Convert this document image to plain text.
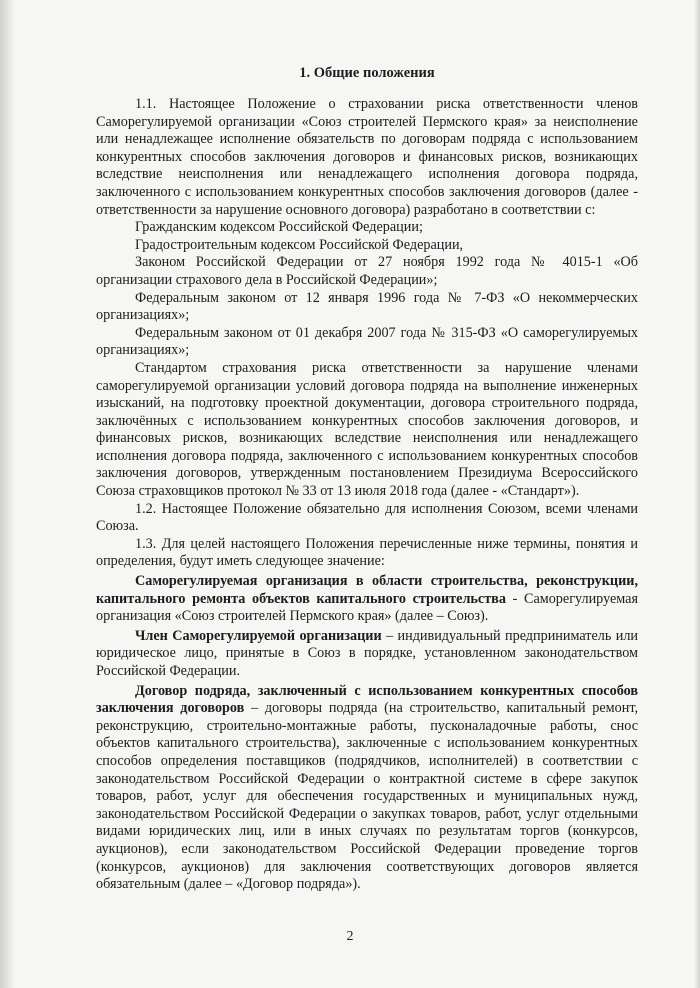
1. Общие положения

1.1. Настоящее Положение о страховании риска ответственности членов Саморегулируемой организации «Союз строителей Пермского края» за неисполнение или ненадлежащее исполнение обязательств по договорам подряда с использованием конкурентных способов заключения договоров и финансовых рисков, возникающих вследствие неисполнения или ненадлежащего исполнения договора подряда, заключенного с использованием конкурентных способов заключения договоров (далее - ответственности за нарушение основного договора) разработано в соответствии с:

Гражданским кодексом Российской Федерации;

Градостроительным кодексом Российской Федерации,

Законом Российской Федерации от 27 ноября 1992 года № 4015-1 «Об организации страхового дела в Российской Федерации»;

Федеральным законом от 12 января 1996 года № 7-ФЗ «О некоммерческих организациях»;

Федеральным законом от 01 декабря 2007 года № 315-ФЗ «О саморегулируемых организациях»;

Стандартом страхования риска ответственности за нарушение членами саморегулируемой организации условий договора подряда на выполнение инженерных изысканий, на подготовку проектной документации, договора строительного подряда, заключённых с использованием конкурентных способов заключения договоров, и финансовых рисков, возникающих вследствие неисполнения или ненадлежащего исполнения договора подряда, заключенного с использованием конкурентных способов заключения договоров, утвержденным постановлением Президиума Всероссийского Союза страховщиков протокол № 33 от 13 июля 2018 года (далее - «Стандарт»).

1.2. Настоящее Положение обязательно для исполнения Союзом, всеми членами Союза.

1.3. Для целей настоящего Положения перечисленные ниже термины, понятия и определения, будут иметь следующее значение:

Саморегулируемая организация в области строительства, реконструкции, капитального ремонта объектов капитального строительства - Саморегулируемая организация «Союз строителей Пермского края» (далее – Союз).

Член Саморегулируемой организации – индивидуальный предприниматель или юридическое лицо, принятые в Союз в порядке, установленном законодательством Российской Федерации.

Договор подряда, заключенный с использованием конкурентных способов заключения договоров – договоры подряда (на строительство, капитальный ремонт, реконструкцию, строительно-монтажные работы, пусконаладочные работы, снос объектов капитального строительства), заключенные с использованием конкурентных способов определения поставщиков (подрядчиков, исполнителей) в соответствии с законодательством Российской Федерации о контрактной системе в сфере закупок товаров, работ, услуг для обеспечения государственных и муниципальных нужд, законодательством Российской Федерации о закупках товаров, работ, услуг отдельными видами юридических лиц, или в иных случаях по результатам торгов (конкурсов, аукционов), если законодательством Российской Федерации проведение торгов (конкурсов, аукционов) для заключения соответствующих договоров является обязательным (далее – «Договор подряда»).

2
